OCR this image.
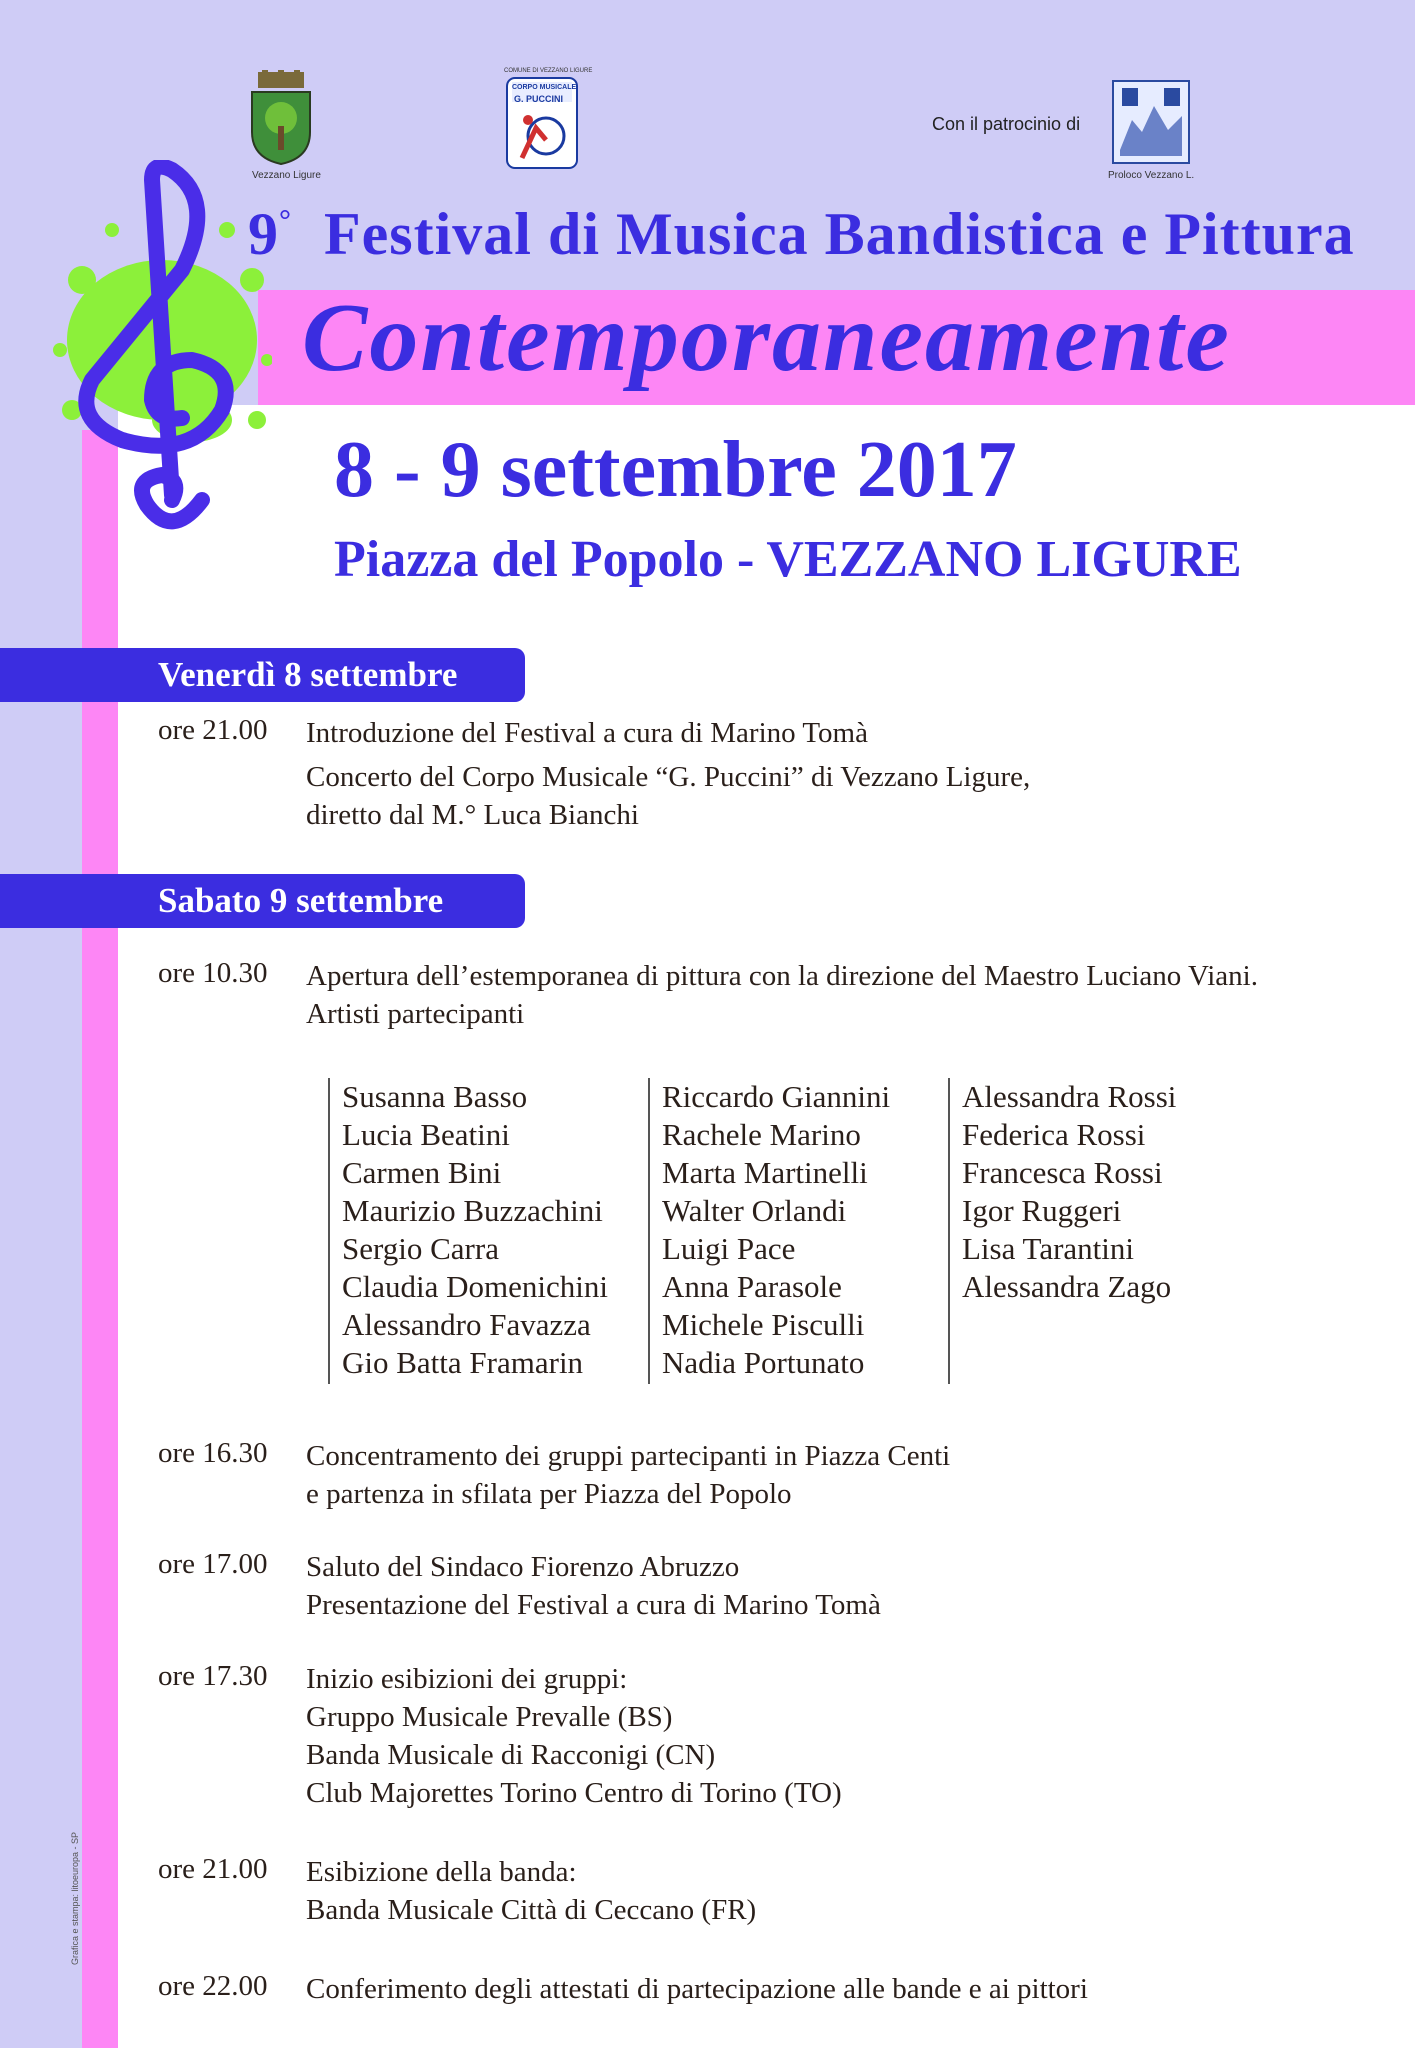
Vezzano Ligure
COMUNE DI VEZZANO LIGURE
CORPO MUSICALE
G. PUCCINI
Con il patrocinio di
Proloco Vezzano L.
9° Festival di Musica Bandistica e Pittura
Contemporaneamente
8 - 9 settembre 2017
Piazza del Popolo - VEZZANO LIGURE
Venerdì 8 settembre
ore 21.00 Introduzione del Festival a cura di Marino Tomà
Concerto del Corpo Musicale “G. Puccini” di Vezzano Ligure,
diretto dal M.° Luca Bianchi
Sabato 9 settembre
ore 10.30 Apertura dell’estemporanea di pittura con la direzione del Maestro Luciano Viani.
Artisti partecipanti
Susanna Basso
Lucia Beatini
Carmen Bini
Maurizio Buzzachini
Sergio Carra
Claudia Domenichini
Alessandro Favazza
Gio Batta Framarin
Riccardo Giannini
Rachele Marino
Marta Martinelli
Walter Orlandi
Luigi Pace
Anna Parasole
Michele Pisculli
Nadia Portunato
Alessandra Rossi
Federica Rossi
Francesca Rossi
Igor Ruggeri
Lisa Tarantini
Alessandra Zago
ore 16.30 Concentramento dei gruppi partecipanti in Piazza Centi
e partenza in sfilata per Piazza del Popolo
ore 17.00 Saluto del Sindaco Fiorenzo Abruzzo
Presentazione del Festival a cura di Marino Tomà
ore 17.30 Inizio esibizioni dei gruppi:
Gruppo Musicale Prevalle (BS)
Banda Musicale di Racconigi (CN)
Club Majorettes Torino Centro di Torino (TO)
ore 21.00 Esibizione della banda:
Banda Musicale Città di Ceccano (FR)
ore 22.00 Conferimento degli attestati di partecipazione alle bande e ai pittori
Grafica e stampa: litoeuropa - SP
